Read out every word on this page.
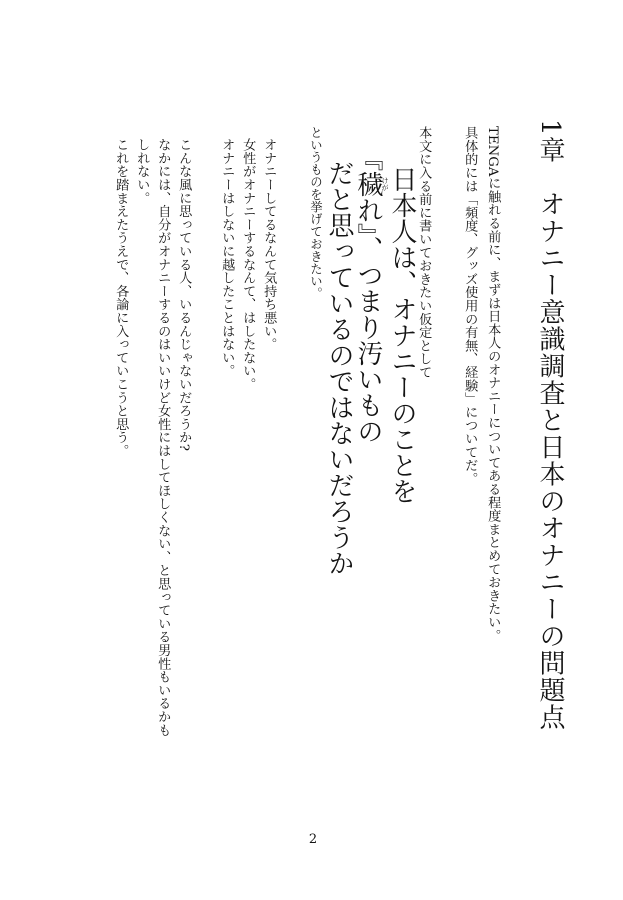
1章　オナニー意識調査と日本のオナニーの問題点
TENGAに触れる前に、まずは日本人のオナニーについてある程度まとめておきたい。
具体的には「頻度、グッズ使用の有無、経験」についてだ。
本文に入る前に書いておきたい仮定として
日本人は、オナニーのことを
『穢れ』、つまり汚いもの
けが
だと思っているのではないだろうか
というものを挙げておきたい。
オナニーしてるなんて気持ち悪い。
女性がオナニーするなんて、はしたない。
オナニーはしないに越したことはない。
こんな風に思っている人、いるんじゃないだろうか?
なかには、自分がオナニーするのはいいけど女性にはしてほしくない、と思っている男性もいるかも
しれない。
これを踏まえたうえで、各論に入っていこうと思う。
2
